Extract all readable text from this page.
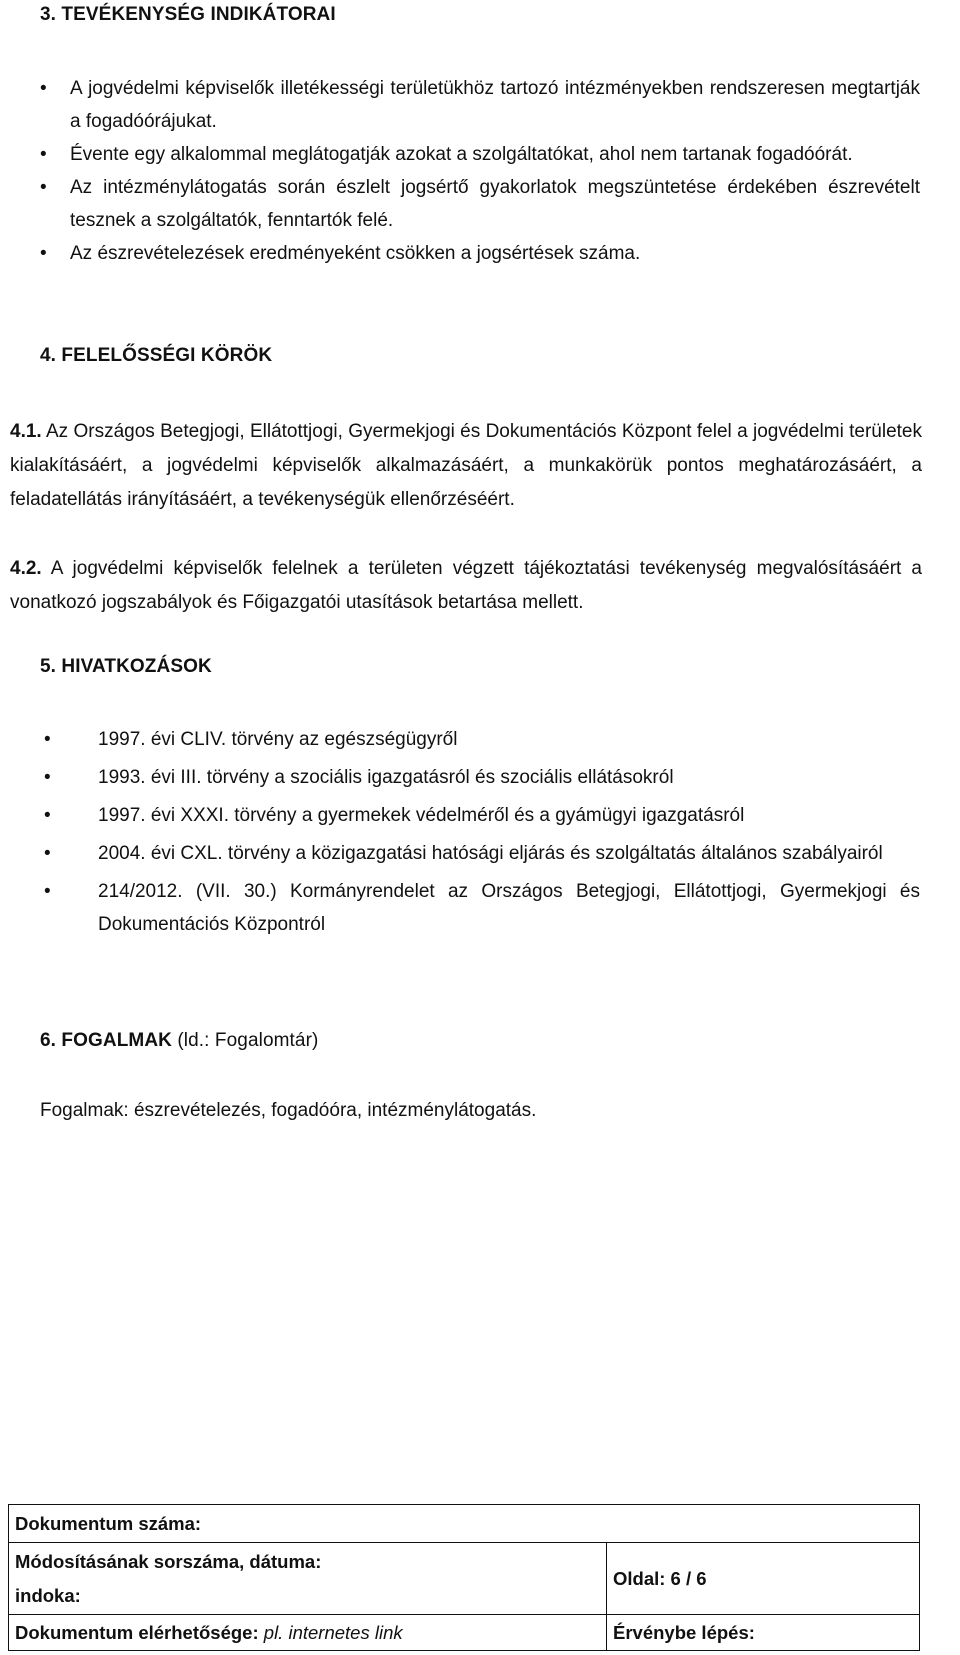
3. TEVÉKENYSÉG INDIKÁTORAI
• A jogvédelmi képviselők illetékességi területükhöz tartozó intézményekben rendszeresen megtartják a fogadóórájukat.
• Évente egy alkalommal meglátogatják azokat a szolgáltatókat, ahol nem tartanak fogadóórát.
• Az intézménylátogatás során észlelt jogsértő gyakorlatok megszüntetése érdekében észrevételt tesznek a szolgáltatók, fenntartók felé.
• Az észrevételezések eredményeként csökken a jogsértések száma.
4. FELELŐSSÉGI KÖRÖK
4.1. Az Országos Betegjogi, Ellátottjogi, Gyermekjogi és Dokumentációs Központ felel a jogvédelmi területek kialakításáért, a jogvédelmi képviselők alkalmazásáért, a munkakörük pontos meghatározásáért, a feladatellátás irányításáért, a tevékenységük ellenőrzéséért.
4.2. A jogvédelmi képviselők felelnek a területen végzett tájékoztatási tevékenység megvalósításáért a vonatkozó jogszabályok és Főigazgatói utasítások betartása mellett.
5. HIVATKOZÁSOK
• 1997. évi CLIV. törvény az egészségügyről
• 1993. évi III. törvény a szociális igazgatásról és szociális ellátásokról
• 1997. évi XXXI. törvény a gyermekek védelméről és a gyámügyi igazgatásról
• 2004. évi CXL. törvény a közigazgatási hatósági eljárás és szolgáltatás általános szabályairól
• 214/2012. (VII. 30.) Kormányrendelet az Országos Betegjogi, Ellátottjogi, Gyermekjogi és Dokumentációs Központról
6. FOGALMAK (ld.: Fogalomtár)
Fogalmak: észrevételezés, fogadóóra, intézménylátogatás.
Dokumentum száma:	
Módosításának sorszáma, dátuma:
indoka:	Oldal: 6 / 6
Dokumentum elérhetősége: pl. internetes link	Érvénybe lépés:
